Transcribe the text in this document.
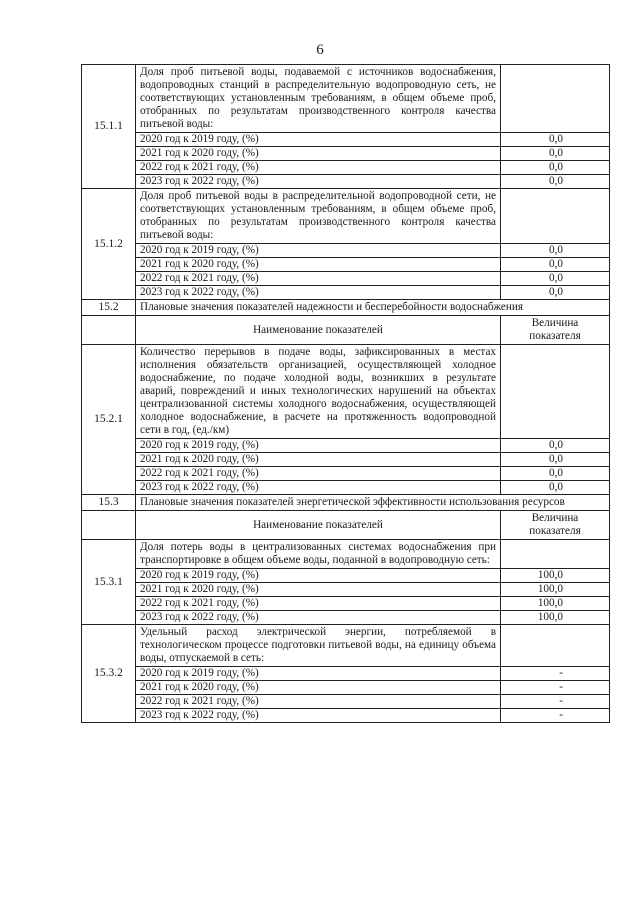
6
15.1.1	Доля проб питьевой воды, подаваемой с источников водоснабжения, водопроводных станций в распределительную водопроводную сеть, не соответствующих установленным требованиям, в общем объеме проб, отобранных по результатам производственного контроля качества питьевой воды:	
	2020 год к 2019 году, (%)	0,0
	2021 год к 2020 году, (%)	0,0
	2022 год к 2021 году, (%)	0,0
	2023 год к 2022 году, (%)	0,0
15.1.2	Доля проб питьевой воды в распределительной водопроводной сети, не соответствующих установленным требованиям, в общем объеме проб, отобранных по результатам производственного контроля качества питьевой воды:	
	2020 год к 2019 году, (%)	0,0
	2021 год к 2020 году, (%)	0,0
	2022 год к 2021 году, (%)	0,0
	2023 год к 2022 году, (%)	0,0
15.2	Плановые значения показателей надежности и бесперебойности водоснабжения	
	Наименование показателей	Величина показателя
15.2.1	Количество перерывов в подаче воды, зафиксированных в местах исполнения обязательств организацией, осуществляющей холодное водоснабжение, по подаче холодной воды, возникших в результате аварий, повреждений и иных технологических нарушений на объектах централизованной системы холодного водоснабжения, осуществляющей холодное водоснабжение, в расчете на протяженность водопроводной сети в год, (ед./км)	
	2020 год к 2019 году, (%)	0,0
	2021 год к 2020 году, (%)	0,0
	2022 год к 2021 году, (%)	0,0
	2023 год к 2022 году, (%)	0,0
15.3	Плановые значения показателей энергетической эффективности использования ресурсов	
	Наименование показателей	Величина показателя
15.3.1	Доля потерь воды в централизованных системах водоснабжения при транспортировке в общем объеме воды, поданной в водопроводную сеть:	
	2020 год к 2019 году, (%)	100,0
	2021 год к 2020 году, (%)	100,0
	2022 год к 2021 году, (%)	100,0
	2023 год к 2022 году, (%)	100,0
15.3.2	Удельный расход электрической энергии, потребляемой в технологическом процессе подготовки питьевой воды, на единицу объема воды, отпускаемой в сеть:	
	2020 год к 2019 году, (%)	-
	2021 год к 2020 году, (%)	-
	2022 год к 2021 году, (%)	-
	2023 год к 2022 году, (%)	-
